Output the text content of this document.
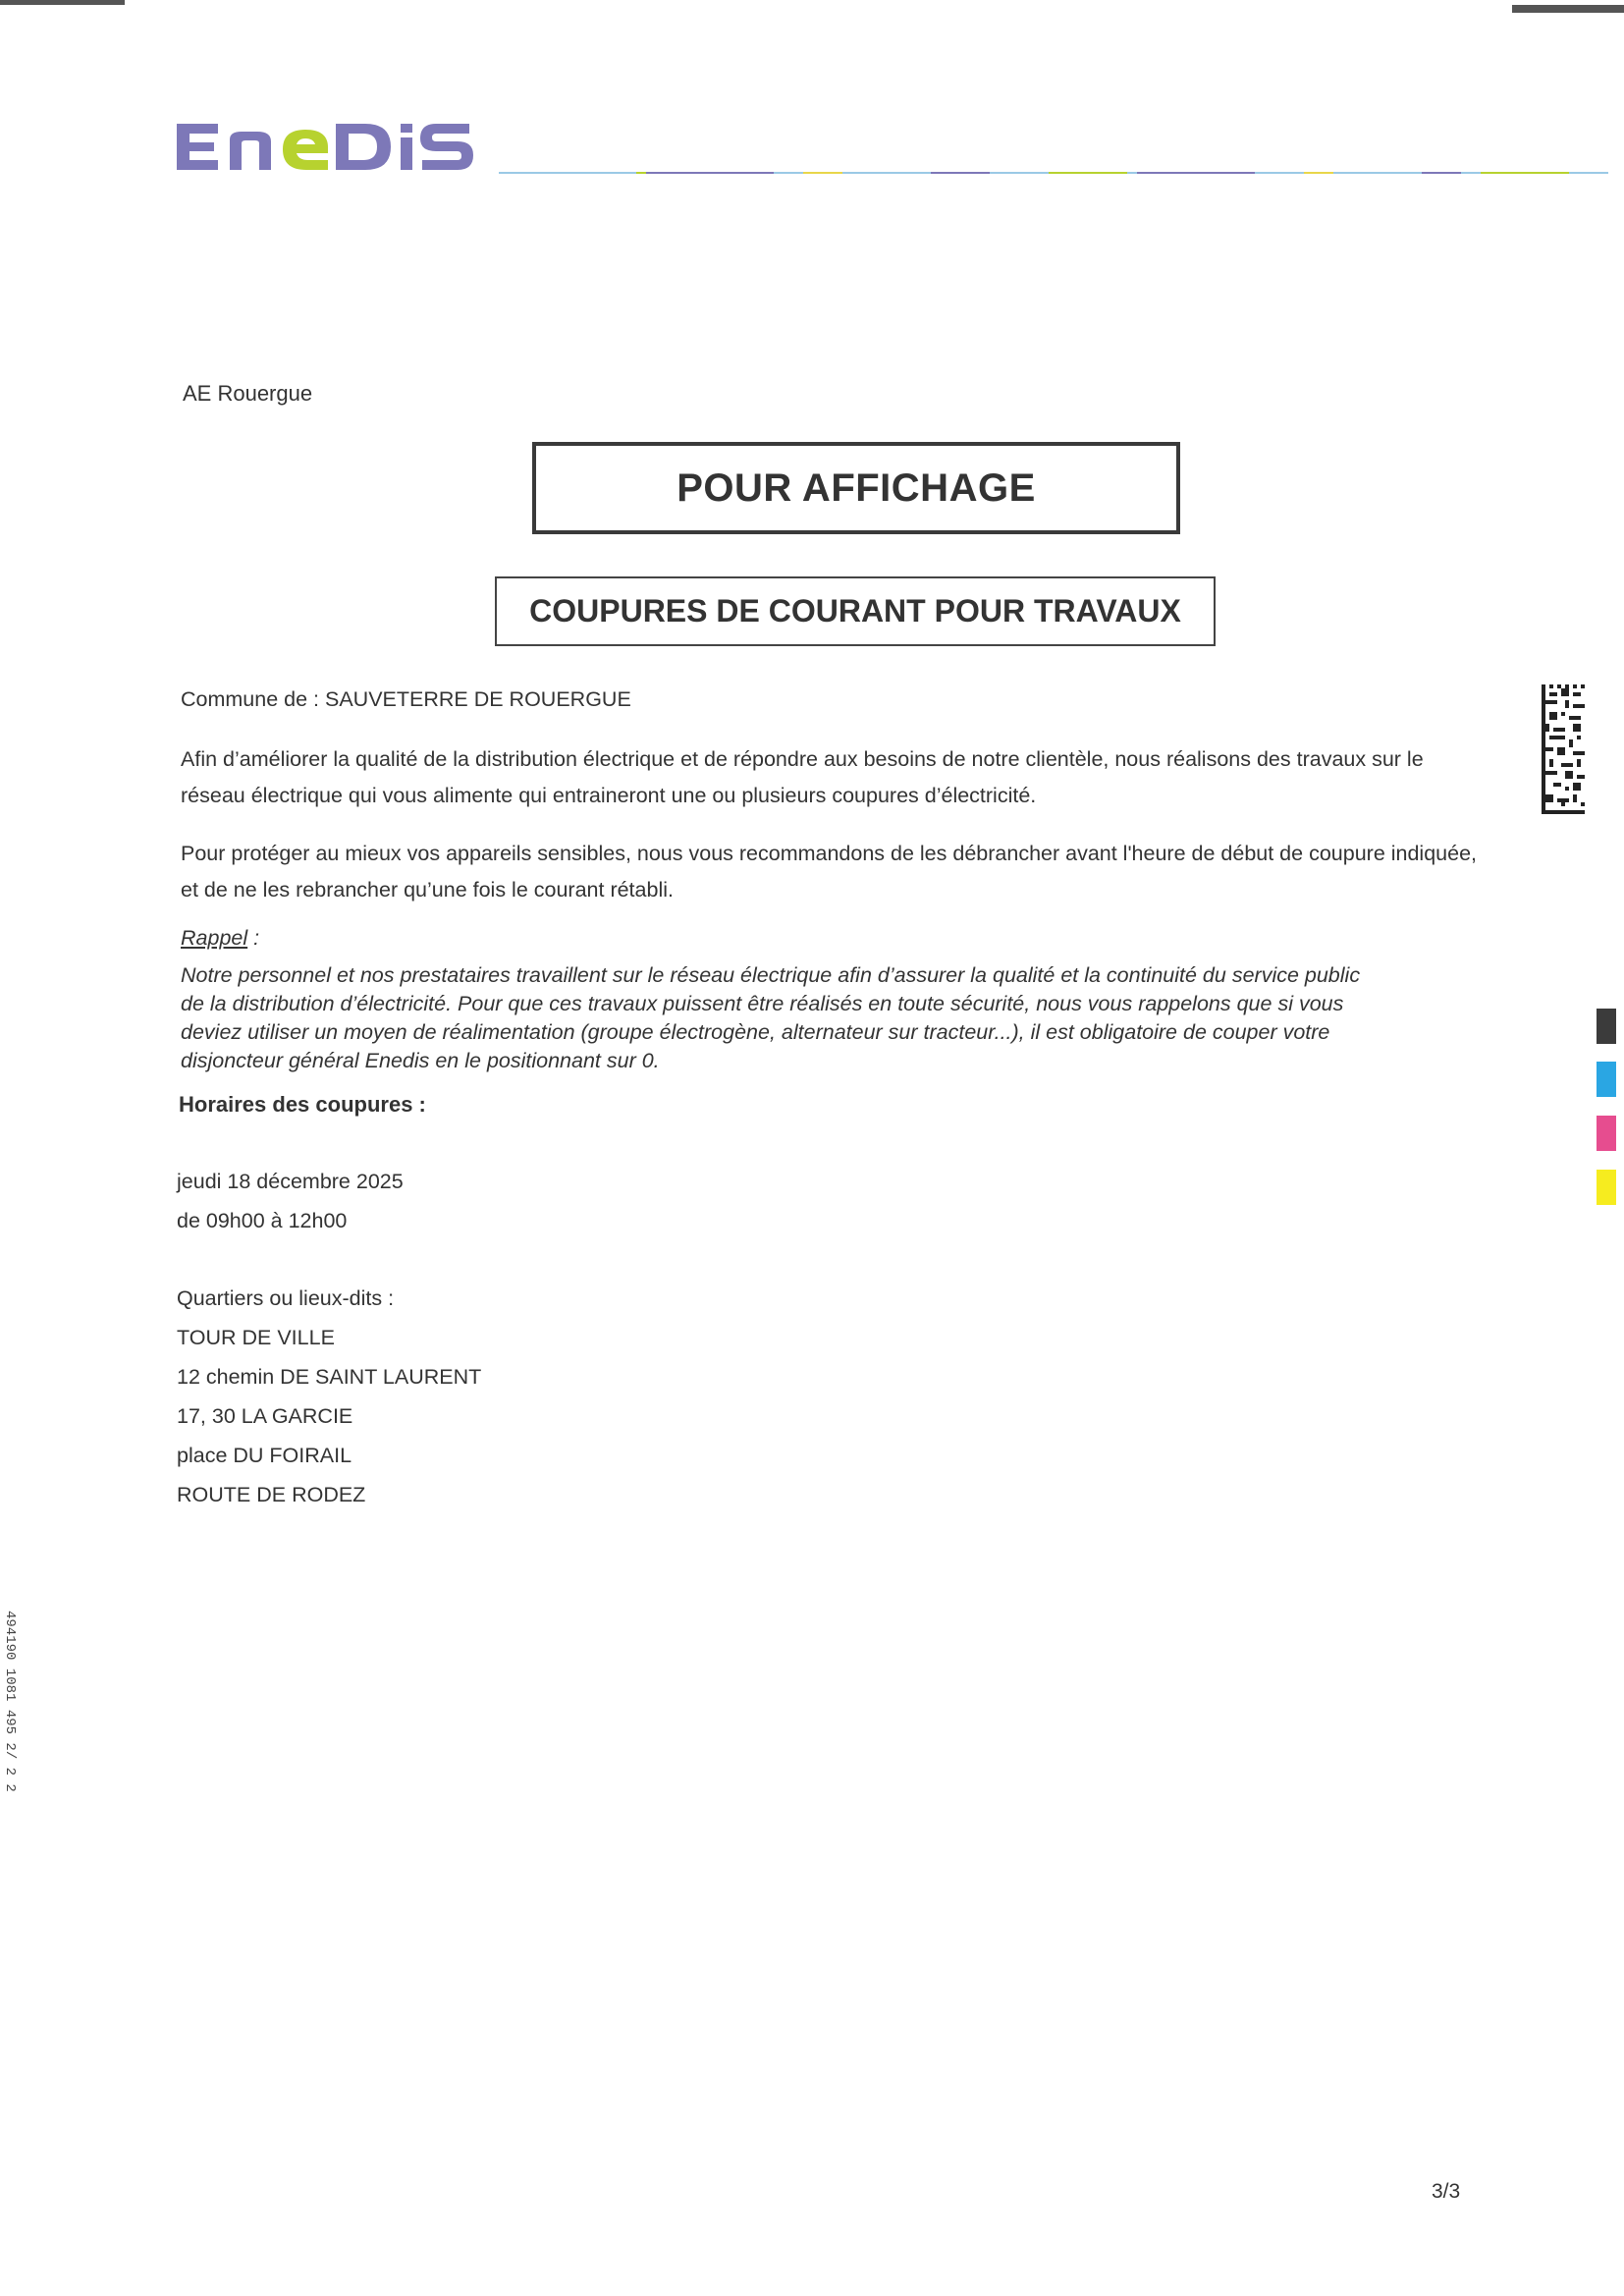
AE Rouergue
POUR AFFICHAGE
COUPURES DE COURANT POUR TRAVAUX
Commune de : SAUVETERRE DE ROUERGUE
Afin d’améliorer la qualité de la distribution électrique et de répondre aux besoins de notre clientèle, nous réalisons des travaux sur le réseau électrique qui vous alimente qui entraineront une ou plusieurs coupures d’électricité.
Pour protéger au mieux vos appareils sensibles, nous vous recommandons de les débrancher avant l'heure de début de coupure indiquée, et de ne les rebrancher qu’une fois le courant rétabli.
Rappel :
Notre personnel et nos prestataires travaillent sur le réseau électrique afin d’assurer la qualité et la continuité du service public
de la distribution d’électricité. Pour que ces travaux puissent être réalisés en toute sécurité, nous vous rappelons que si vous
deviez utiliser un moyen de réalimentation (groupe électrogène, alternateur sur tracteur...), il est obligatoire de couper votre
disjoncteur général Enedis en le positionnant sur 0.
Horaires des coupures :
jeudi 18 décembre 2025
de 09h00 à 12h00
Quartiers ou lieux-dits :
TOUR DE VILLE
12 chemin DE SAINT LAURENT
17, 30 LA GARCIE
place DU FOIRAIL
ROUTE DE RODEZ
3/3
494190 1081 495 2/ 2 2
